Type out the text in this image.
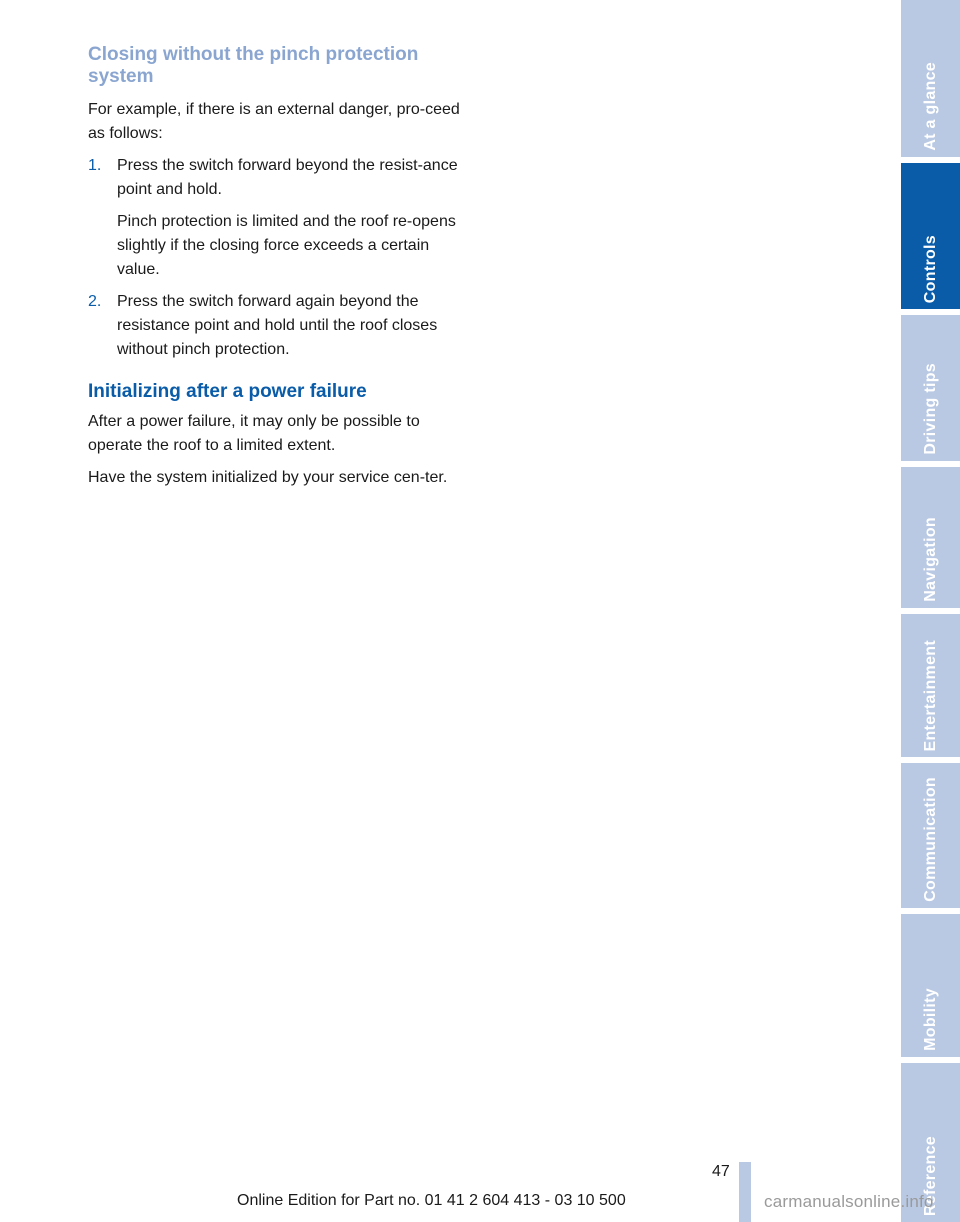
Closing without the pinch protection system

For example, if there is an external danger, pro-ceed as follows:

1. Press the switch forward beyond the resist-ance point and hold.

Pinch protection is limited and the roof re-opens slightly if the closing force exceeds a certain value.

2. Press the switch forward again beyond the resistance point and hold until the roof closes without pinch protection.

Initializing after a power failure

After a power failure, it may only be possible to operate the roof to a limited extent.

Have the system initialized by your service cen-ter.

At a glance
Controls
Driving tips
Navigation
Entertainment
Communication
Mobility
Reference
47
Online Edition for Part no. 01 41 2 604 413 - 03 10 500	carmanualsonline.info
